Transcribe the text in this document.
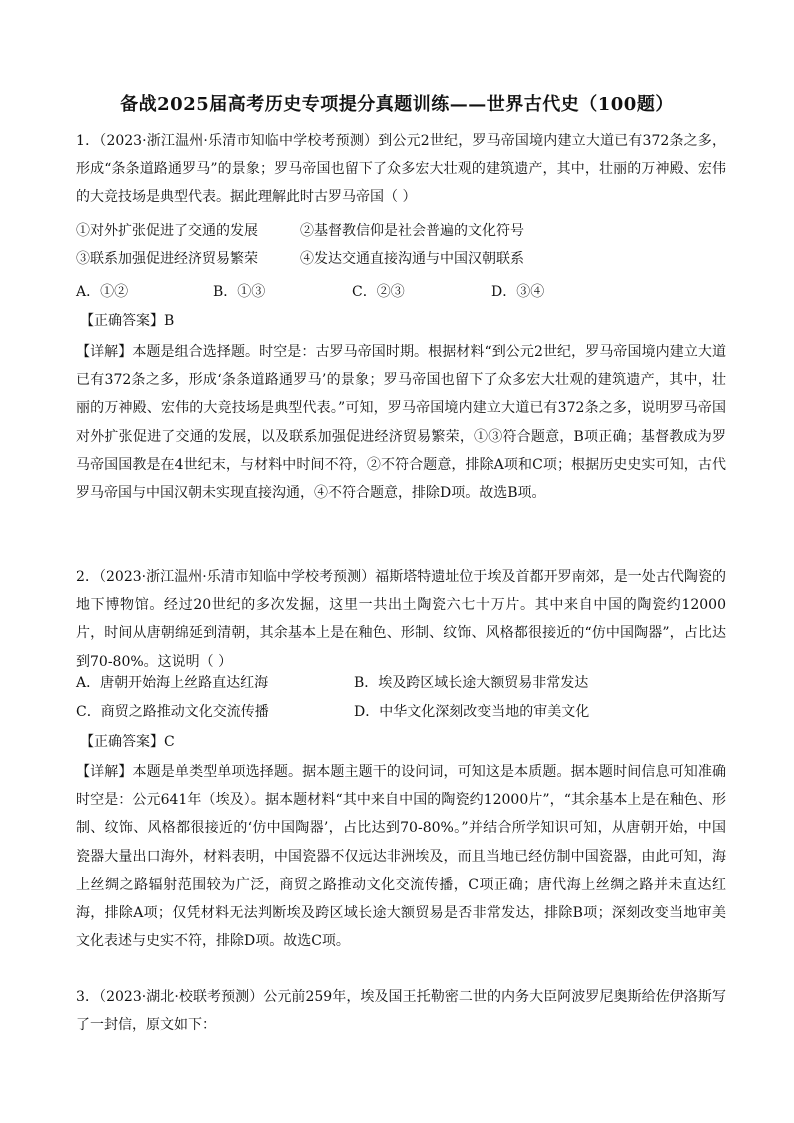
备战2025届高考历史专项提分真题训练——世界古代史（100题）
1．（2023·浙江温州·乐清市知临中学校考预测）到公元2世纪，罗马帝国境内建立大道已有372条之多，形成“条条道路通罗马”的景象；罗马帝国也留下了众多宏大壮观的建筑遗产，其中，壮丽的万神殿、宏伟的大竞技场是典型代表。据此理解此时古罗马帝国（ ）
①对外扩张促进了交通的发展	②基督教信仰是社会普遍的文化符号
③联系加强促进经济贸易繁荣	④发达交通直接沟通与中国汉朝联系
A．①②	B．①③	C．②③	D．③④
【正确答案】B
【详解】本题是组合选择题。时空是：古罗马帝国时期。根据材料“到公元2世纪，罗马帝国境内建立大道已有372条之多，形成‘条条道路通罗马’的景象；罗马帝国也留下了众多宏大壮观的建筑遗产，其中，壮丽的万神殿、宏伟的大竞技场是典型代表。”可知，罗马帝国境内建立大道已有372条之多，说明罗马帝国对外扩张促进了交通的发展，以及联系加强促进经济贸易繁荣，①③符合题意，B项正确；基督教成为罗马帝国国教是在4世纪末，与材料中时间不符，②不符合题意，排除A项和C项；根据历史史实可知，古代罗马帝国与中国汉朝未实现直接沟通，④不符合题意，排除D项。故选B项。
2．（2023·浙江温州·乐清市知临中学校考预测）福斯塔特遗址位于埃及首都开罗南郊，是一处古代陶瓷的地下博物馆。经过20世纪的多次发掘，这里一共出土陶瓷六七十万片。其中来自中国的陶瓷约12000片，时间从唐朝绵延到清朝，其余基本上是在釉色、形制、纹饰、风格都很接近的“仿中国陶器”，占比达到70-80%。这说明（ ）
A．唐朝开始海上丝路直达红海	B．埃及跨区域长途大额贸易非常发达
C．商贸之路推动文化交流传播	D．中华文化深刻改变当地的审美文化
【正确答案】C
【详解】本题是单类型单项选择题。据本题主题干的设问词，可知这是本质题。据本题时间信息可知准确时空是：公元641年（埃及）。据本题材料“其中来自中国的陶瓷约12000片”，“其余基本上是在釉色、形制、纹饰、风格都很接近的‘仿中国陶器’，占比达到70-80%。”并结合所学知识可知，从唐朝开始，中国瓷器大量出口海外，材料表明，中国瓷器不仅远达非洲埃及，而且当地已经仿制中国瓷器，由此可知，海上丝绸之路辐射范围较为广泛，商贸之路推动文化交流传播，C项正确；唐代海上丝绸之路并未直达红海，排除A项；仅凭材料无法判断埃及跨区域长途大额贸易是否非常发达，排除B项；深刻改变当地审美文化表述与史实不符，排除D项。故选C项。
3．（2023·湖北·校联考预测）公元前259年，埃及国王托勒密二世的内务大臣阿波罗尼奥斯给佐伊洛斯写了一封信，原文如下：
